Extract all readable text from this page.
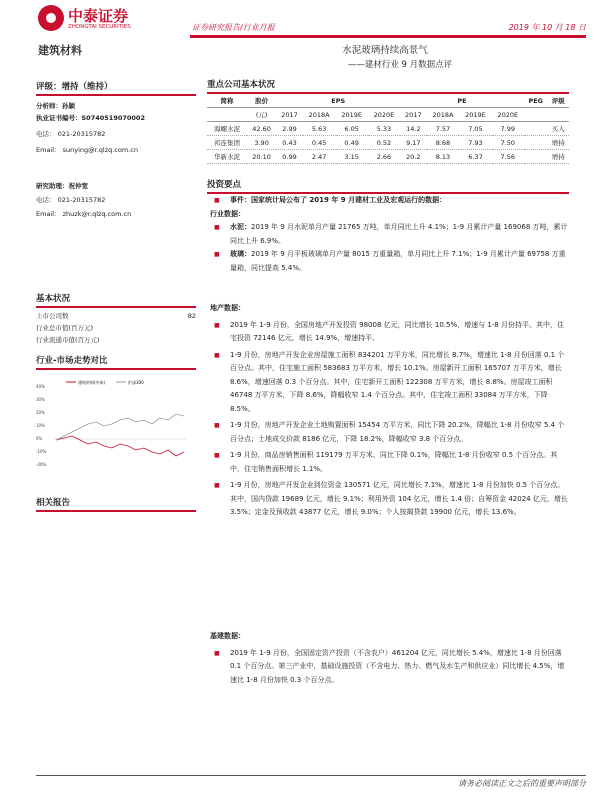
中泰证券
ZHONGTAI SECURITIES	证券研究报告/行业月报	2019 年 10 月 18 日
建筑材料	水泥玻璃持续高景气
——建材行业 9 月数据点评
评级：增持（维持）
分析师：孙颖
执业证书编号：S0740519070002
电话： 021-20315782
Email： sunying@r.qlzq.com.cn
研究助理：祝仲宽
电话： 021-20315782
Email： zhuzk@r.qlzq.com.cn
基本状况
上市公司数	82
行业总市值(百万元)
行业流通市值(百万元)
行业-市场走势对比
40%
30%
20%
10%
0%
-10%
-20%
建筑材料(中泰)	沪深300
相关报告
重点公司基本状况
简称	股价	EPS				PE				PEG	评级
	(元)	2017	2018A	2019E	2020E	2017	2018A	2019E	2020E		
海螺水泥	42.60	2.99	5.63	6.05	5.33	14.2	7.57	7.05	7.99		买入
祁连集团	3.90	0.43	0.45	0.49	0.52	9.17	8.68	7.93	7.50		增持
华新水泥	20.10	0.99	2.47	3.15	2.66	20.2	8.13	6.37	7.56		增持
投资要点
■ 事件：国家统计局公布了 2019 年 9 月建材工业及宏观运行的数据：
行业数据：
■ 水泥：2019 年 9 月水泥单月产量 21765 万吨，单月同比上升 4.1%；1-9 月累计产量 169068 万吨，累计同比上升 6.9%。
■ 玻璃：2019 年 9 月平板玻璃单月产量 8015 万重量箱，单月同比上升 7.1%；1-9 月累计产量 69758 万重量箱，同比提高 5.4%。
地产数据：
■ 2019 年 1-9 月份，全国房地产开发投资 98008 亿元，同比增长 10.5%，增速与 1-8 月份持平。其中，住宅投资 72146 亿元，增长 14.9%，增速持平。
■ 1-9 月份，房地产开发企业房屋施工面积 834201 万平方米，同比增长 8.7%，增速比 1-8 月份回落 0.1 个百分点。其中，住宅施工面积 583683 万平方米，增长 10.1%。房屋新开工面积 165707 万平方米，增长 8.6%，增速回落 0.3 个百分点。其中，住宅新开工面积 122308 万平方米，增长 8.8%。房屋竣工面积 46748 万平方米，下降 8.6%，降幅收窄 1.4 个百分点。其中，住宅竣工面积 33084 万平方米，下降 8.5%。
■ 1-9 月份，房地产开发企业土地购置面积 15454 万平方米，同比下降 20.2%，降幅比 1-8 月份收窄 5.4 个百分点；土地成交价款 8186 亿元，下降 18.2%，降幅收窄 3.8 个百分点。
■ 1-9 月份，商品房销售面积 119179 万平方米，同比下降 0.1%，降幅比 1-8 月份收窄 0.5 个百分点。其中，住宅销售面积增长 1.1%。
■ 1-9 月份，房地产开发企业到位资金 130571 亿元，同比增长 7.1%，增速比 1-8 月份加快 0.5 个百分点。其中，国内贷款 19689 亿元，增长 9.1%；利用外资 104 亿元，增长 1.4 倍；自筹资金 42024 亿元，增长 3.5%；定金及预收款 43877 亿元，增长 9.0%；个人按揭贷款 19900 亿元，增长 13.6%。
基建数据：
■ 2019 年 1-9 月份，全国固定资产投资（不含农户）461204 亿元，同比增长 5.4%，增速比 1-8 月份回落 0.1 个百分点。第三产业中，基础设施投资（不含电力、热力、燃气及水生产和供应业）同比增长 4.5%，增速比 1-8 月份加快 0.3 个百分点。
请务必阅读正文之后的重要声明部分
